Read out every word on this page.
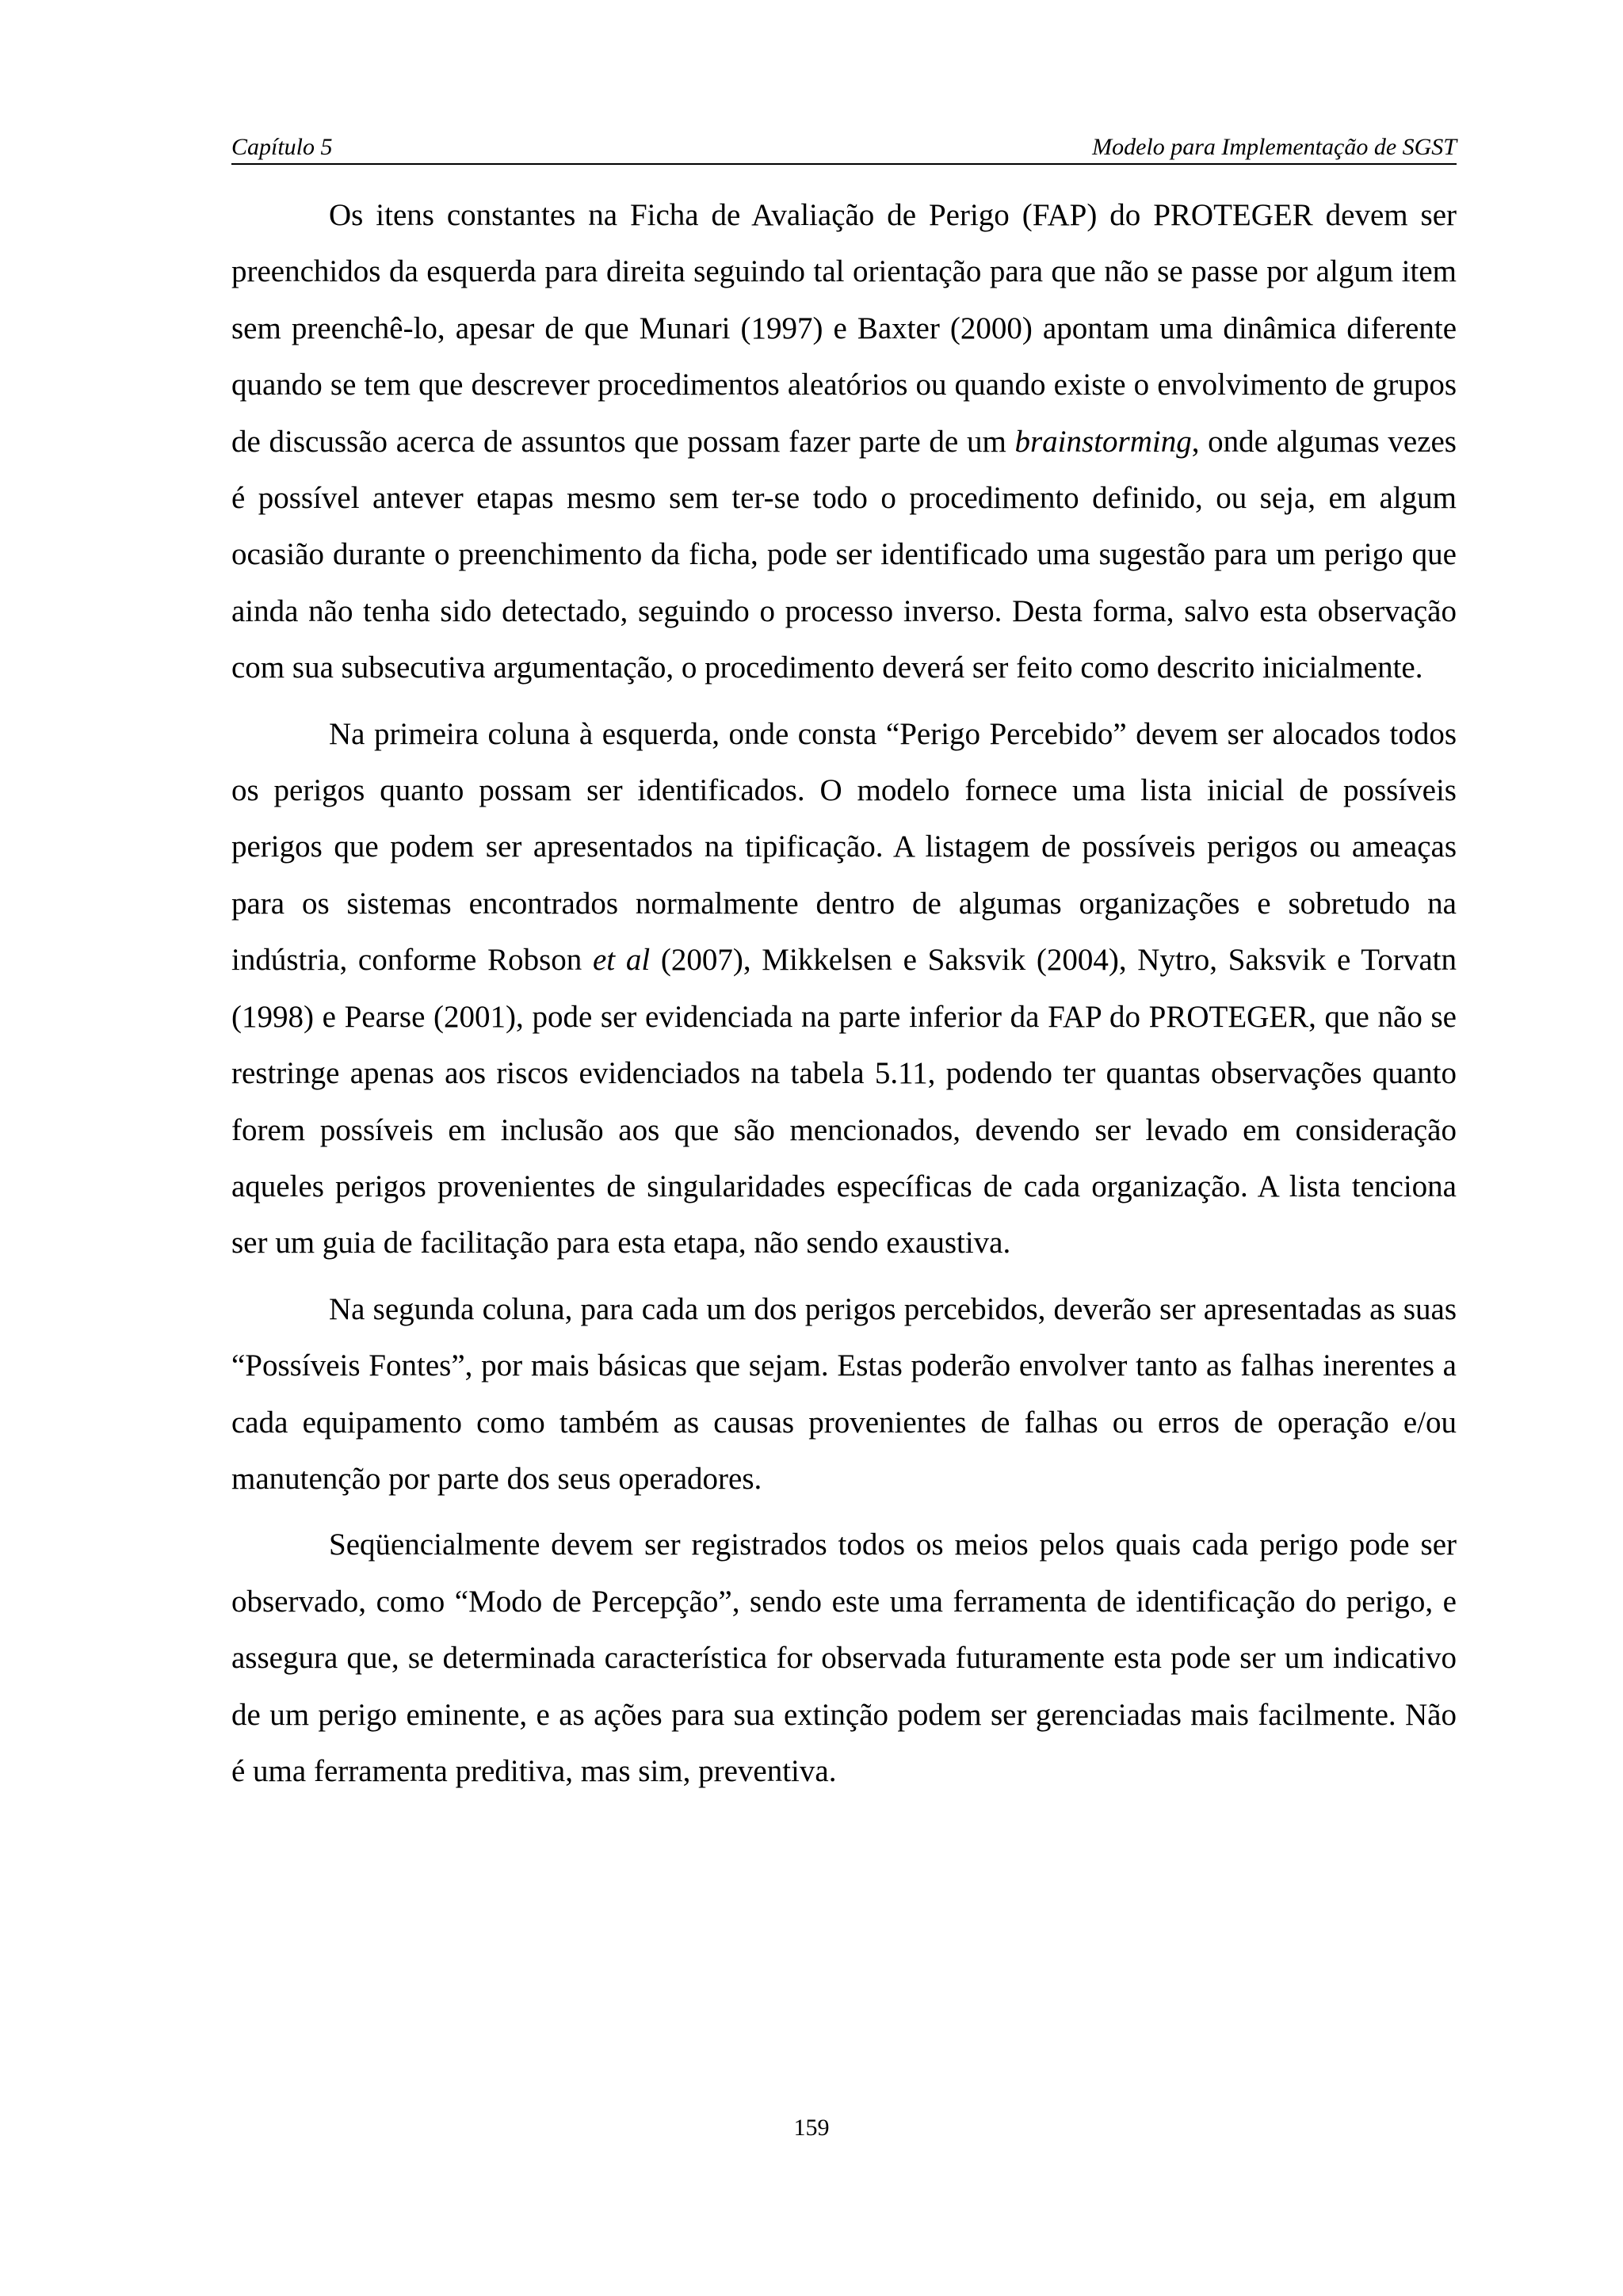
Capítulo 5	Modelo para Implementação de SGST

Os itens constantes na Ficha de Avaliação de Perigo (FAP) do PROTEGER devem ser preenchidos da esquerda para direita seguindo tal orientação para que não se passe por algum item sem preenchê-lo, apesar de que Munari (1997) e Baxter (2000) apontam uma dinâmica diferente quando se tem que descrever procedimentos aleatórios ou quando existe o envolvimento de grupos de discussão acerca de assuntos que possam fazer parte de um brainstorming, onde algumas vezes é possível antever etapas mesmo sem ter-se todo o procedimento definido, ou seja, em algum ocasião durante o preenchimento da ficha, pode ser identificado uma sugestão para um perigo que ainda não tenha sido detectado, seguindo o processo inverso. Desta forma, salvo esta observação com sua subsecutiva argumentação, o procedimento deverá ser feito como descrito inicialmente.

Na primeira coluna à esquerda, onde consta “Perigo Percebido” devem ser alocados todos os perigos quanto possam ser identificados. O modelo fornece uma lista inicial de possíveis perigos que podem ser apresentados na tipificação. A listagem de possíveis perigos ou ameaças para os sistemas encontrados normalmente dentro de algumas organizações e sobretudo na indústria, conforme Robson et al (2007), Mikkelsen e Saksvik (2004), Nytro, Saksvik e Torvatn (1998) e Pearse (2001), pode ser evidenciada na parte inferior da FAP do PROTEGER, que não se restringe apenas aos riscos evidenciados na tabela 5.11, podendo ter quantas observações quanto forem possíveis em inclusão aos que são mencionados, devendo ser levado em consideração aqueles perigos provenientes de singularidades específicas de cada organização. A lista tenciona ser um guia de facilitação para esta etapa, não sendo exaustiva.

Na segunda coluna, para cada um dos perigos percebidos, deverão ser apresentadas as suas “Possíveis Fontes”, por mais básicas que sejam. Estas poderão envolver tanto as falhas inerentes a cada equipamento como também as causas provenientes de falhas ou erros de operação e/ou manutenção por parte dos seus operadores.

Seqüencialmente devem ser registrados todos os meios pelos quais cada perigo pode ser observado, como “Modo de Percepção”, sendo este uma ferramenta de identificação do perigo, e assegura que, se determinada característica for observada futuramente esta pode ser um indicativo de um perigo eminente, e as ações para sua extinção podem ser gerenciadas mais facilmente. Não é uma ferramenta preditiva, mas sim, preventiva.

159
